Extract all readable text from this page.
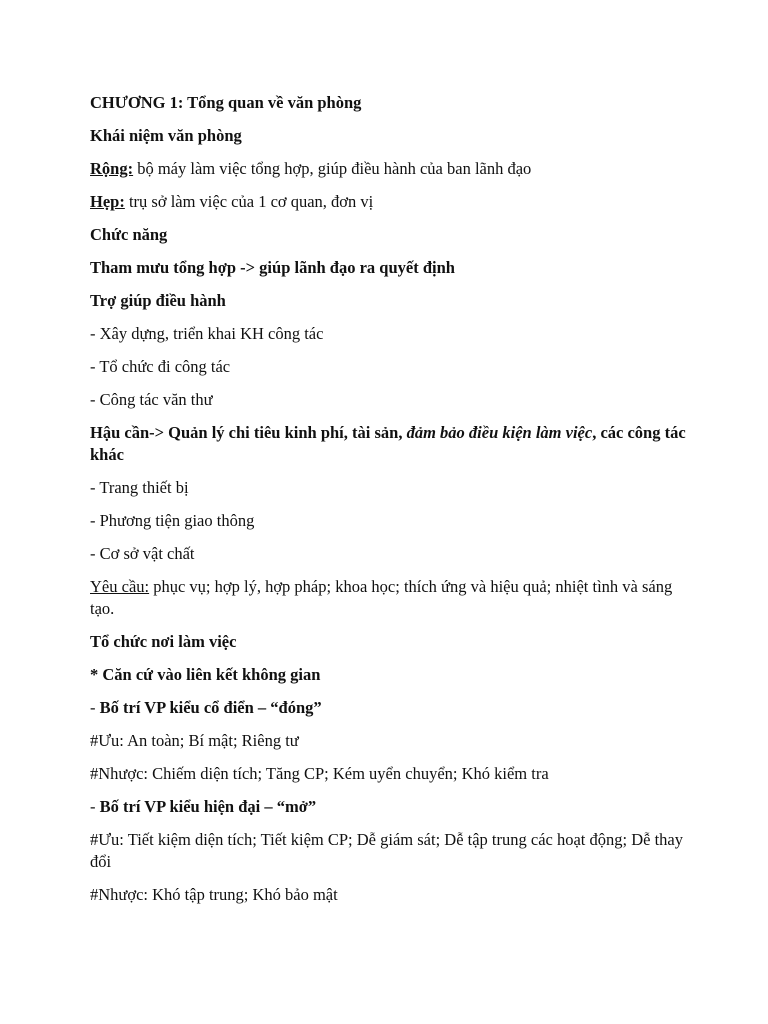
CHƯƠNG 1: Tổng quan về văn phòng

Khái niệm văn phòng

Rộng: bộ máy làm việc tổng hợp, giúp điều hành của ban lãnh đạo

Hẹp: trụ sở làm việc của 1 cơ quan, đơn vị

Chức năng

Tham mưu tổng hợp -> giúp lãnh đạo ra quyết định

Trợ giúp điều hành

- Xây dựng, triển khai KH công tác

- Tổ chức đi công tác

- Công tác văn thư

Hậu cần-> Quản lý chi tiêu kinh phí, tài sản, đảm bảo điều kiện làm việc, các công tác khác

- Trang thiết bị

- Phương tiện giao thông

- Cơ sở vật chất

Yêu cầu: phục vụ; hợp lý, hợp pháp; khoa học; thích ứng và hiệu quả; nhiệt tình và sáng tạo.

Tổ chức nơi làm việc

* Căn cứ vào liên kết không gian

- Bố trí VP kiểu cổ điển – “đóng”

#Ưu: An toàn; Bí mật; Riêng tư

#Nhược: Chiếm diện tích; Tăng CP; Kém uyển chuyển; Khó kiểm tra

- Bố trí VP kiểu hiện đại – “mở”

#Ưu: Tiết kiệm diện tích; Tiết kiệm CP; Dễ giám sát; Dễ tập trung các hoạt động; Dễ thay đổi

#Nhược: Khó tập trung; Khó bảo mật
